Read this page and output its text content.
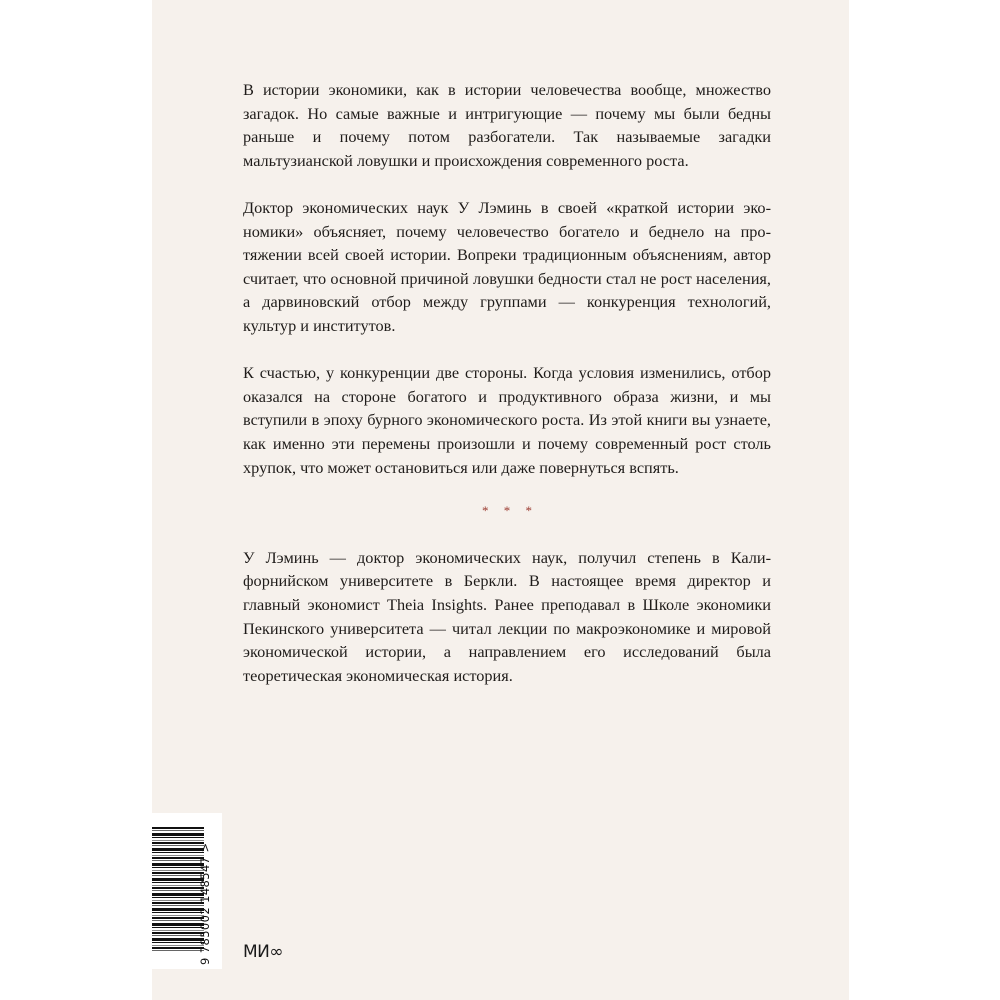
В истории экономики, как в истории человечества вообще, множество загадок. Но самые важные и интригующие — почему мы были бедны раньше и почему потом разбогатели. Так называемые загадки мальтузианской ловушки и происхождения современного роста.

Доктор экономических наук У Лэминь в своей «краткой истории экономики» объясняет, почему человечество богатело и беднело на протяжении всей своей истории. Вопреки традиционным объяснениям, автор считает, что основной причиной ловушки бедности стал не рост населения, а дарвиновский отбор между группами — конкуренция технологий, культур и институтов.

К счастью, у конкуренции две стороны. Когда условия изменились, отбор оказался на стороне богатого и продуктивного образа жизни, и мы вступили в эпоху бурного экономического роста. Из этой книги вы узнаете, как именно эти перемены произошли и почему современный рост столь хрупок, что может остановиться или даже повернуться вспять.

* * *

У Лэминь — доктор экономических наук, получил степень в Калифорнийском университете в Беркли. В настоящее время директор и главный экономист Theia Insights. Ранее преподавал в Школе экономики Пекинского университета — читал лекции по макроэкономике и мировой экономической истории, а направлением его исследований была теоретическая экономическая история.

9 785002 148547 > МИ∞
